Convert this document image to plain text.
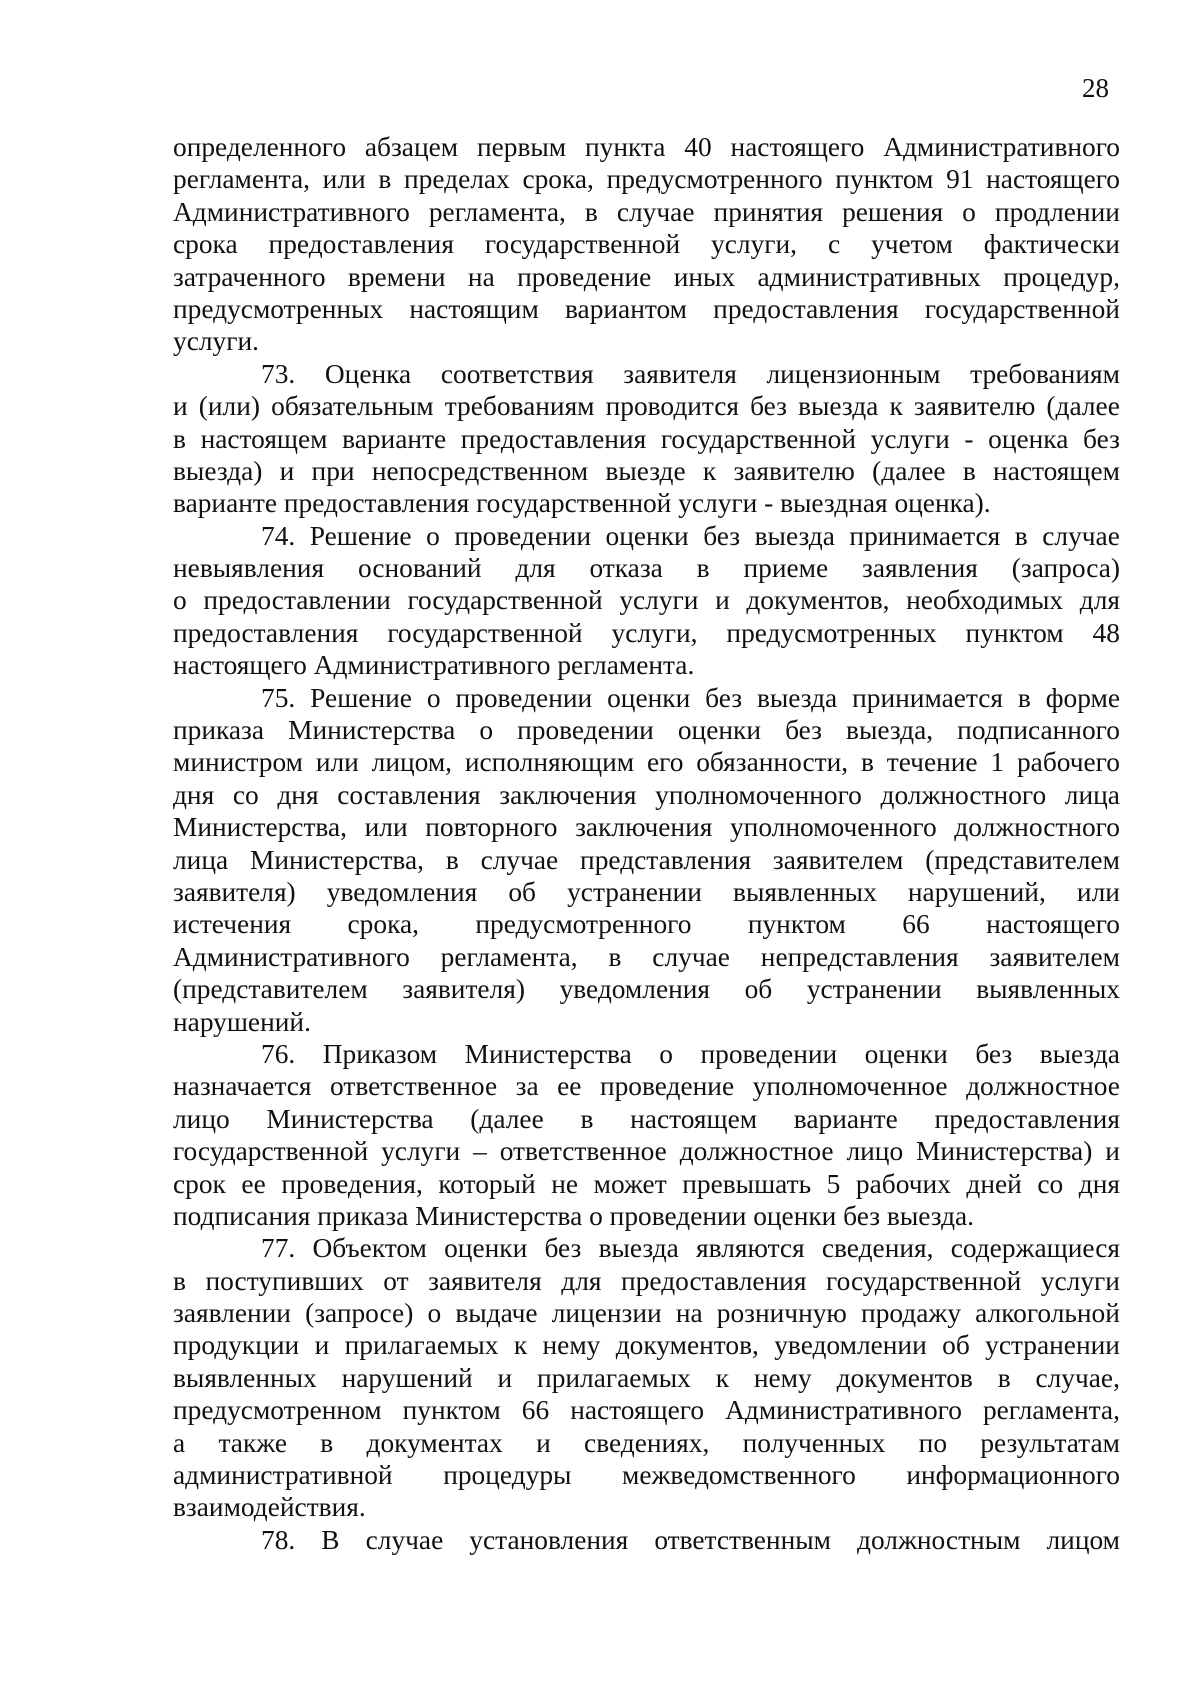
28
определенного абзацем первым пункта 40 настоящего Административного
регламента, или в пределах срока, предусмотренного пунктом 91 настоящего
Административного регламента, в случае принятия решения о продлении
срока предоставления государственной услуги, с учетом фактически
затраченного времени на проведение иных административных процедур,
предусмотренных настоящим вариантом предоставления государственной
услуги.
73. Оценка соответствия заявителя лицензионным требованиям
и (или) обязательным требованиям проводится без выезда к заявителю (далее
в настоящем варианте предоставления государственной услуги - оценка без
выезда) и при непосредственном выезде к заявителю (далее в настоящем
варианте предоставления государственной услуги - выездная оценка).
74. Решение о проведении оценки без выезда принимается в случае
невыявления оснований для отказа в приеме заявления (запроса)
о предоставлении государственной услуги и документов, необходимых для
предоставления государственной услуги, предусмотренных пунктом 48
настоящего Административного регламента.
75. Решение о проведении оценки без выезда принимается в форме
приказа Министерства о проведении оценки без выезда, подписанного
министром или лицом, исполняющим его обязанности, в течение 1 рабочего
дня со дня составления заключения уполномоченного должностного лица
Министерства, или повторного заключения уполномоченного должностного
лица Министерства, в случае представления заявителем (представителем
заявителя) уведомления об устранении выявленных нарушений, или
истечения срока, предусмотренного пунктом 66 настоящего
Административного регламента, в случае непредставления заявителем
(представителем заявителя) уведомления об устранении выявленных
нарушений.
76. Приказом Министерства о проведении оценки без выезда
назначается ответственное за ее проведение уполномоченное должностное
лицо Министерства (далее в настоящем варианте предоставления
государственной услуги – ответственное должностное лицо Министерства) и
срок ее проведения, который не может превышать 5 рабочих дней со дня
подписания приказа Министерства о проведении оценки без выезда.
77. Объектом оценки без выезда являются сведения, содержащиеся
в поступивших от заявителя для предоставления государственной услуги
заявлении (запросе) о выдаче лицензии на розничную продажу алкогольной
продукции и прилагаемых к нему документов, уведомлении об устранении
выявленных нарушений и прилагаемых к нему документов в случае,
предусмотренном пунктом 66 настоящего Административного регламента,
а также в документах и сведениях, полученных по результатам
административной процедуры межведомственного информационного
взаимодействия.
78. В случае установления ответственным должностным лицом
